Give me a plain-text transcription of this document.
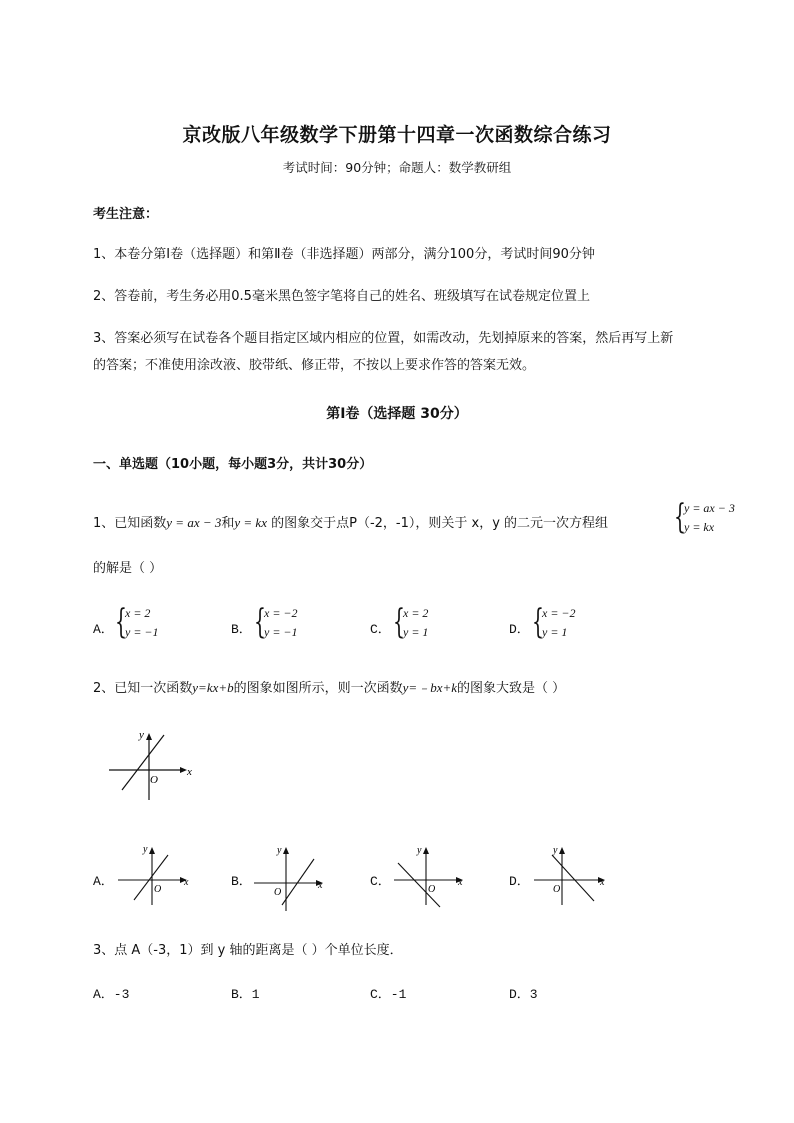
京改版八年级数学下册第十四章一次函数综合练习
考试时间：90分钟；命题人：数学教研组
考生注意：
1、本卷分第I卷（选择题）和第Ⅱ卷（非选择题）两部分，满分100分，考试时间90分钟
2、答卷前，考生务必用0.5毫米黑色签字笔将自己的姓名、班级填写在试卷规定位置上
3、答案必须写在试卷各个题目指定区域内相应的位置，如需改动，先划掉原来的答案，然后再写上新
的答案；不准使用涂改液、胶带纸、修正带，不按以上要求作答的答案无效。
第I卷（选择题 30分）
一、单选题（10小题，每小题3分，共计30分）
1、已知函数y = ax − 3和y = kx 的图象交于点P（-2，-1），则关于 x，y 的二元一次方程组 {
y = ax − 3
y = kx
的解是（ ）
A． {
x = 2
y = −1	B． {
x = −2
y = −1	C． {
x = 2
y = 1	D． {
x = −2
y = 1
2、已知一次函数y=kx+b的图象如图所示，则一次函数y=﹣bx+k的图象大致是（ ）
x
y
O
A．	B．	C．	D．
x
y
O	x
y
O
x
y
O
x
y
O
3、点 A（-3，1）到 y 轴的距离是（ ）个单位长度．
A．-3	B．1	C．-1	D．3
